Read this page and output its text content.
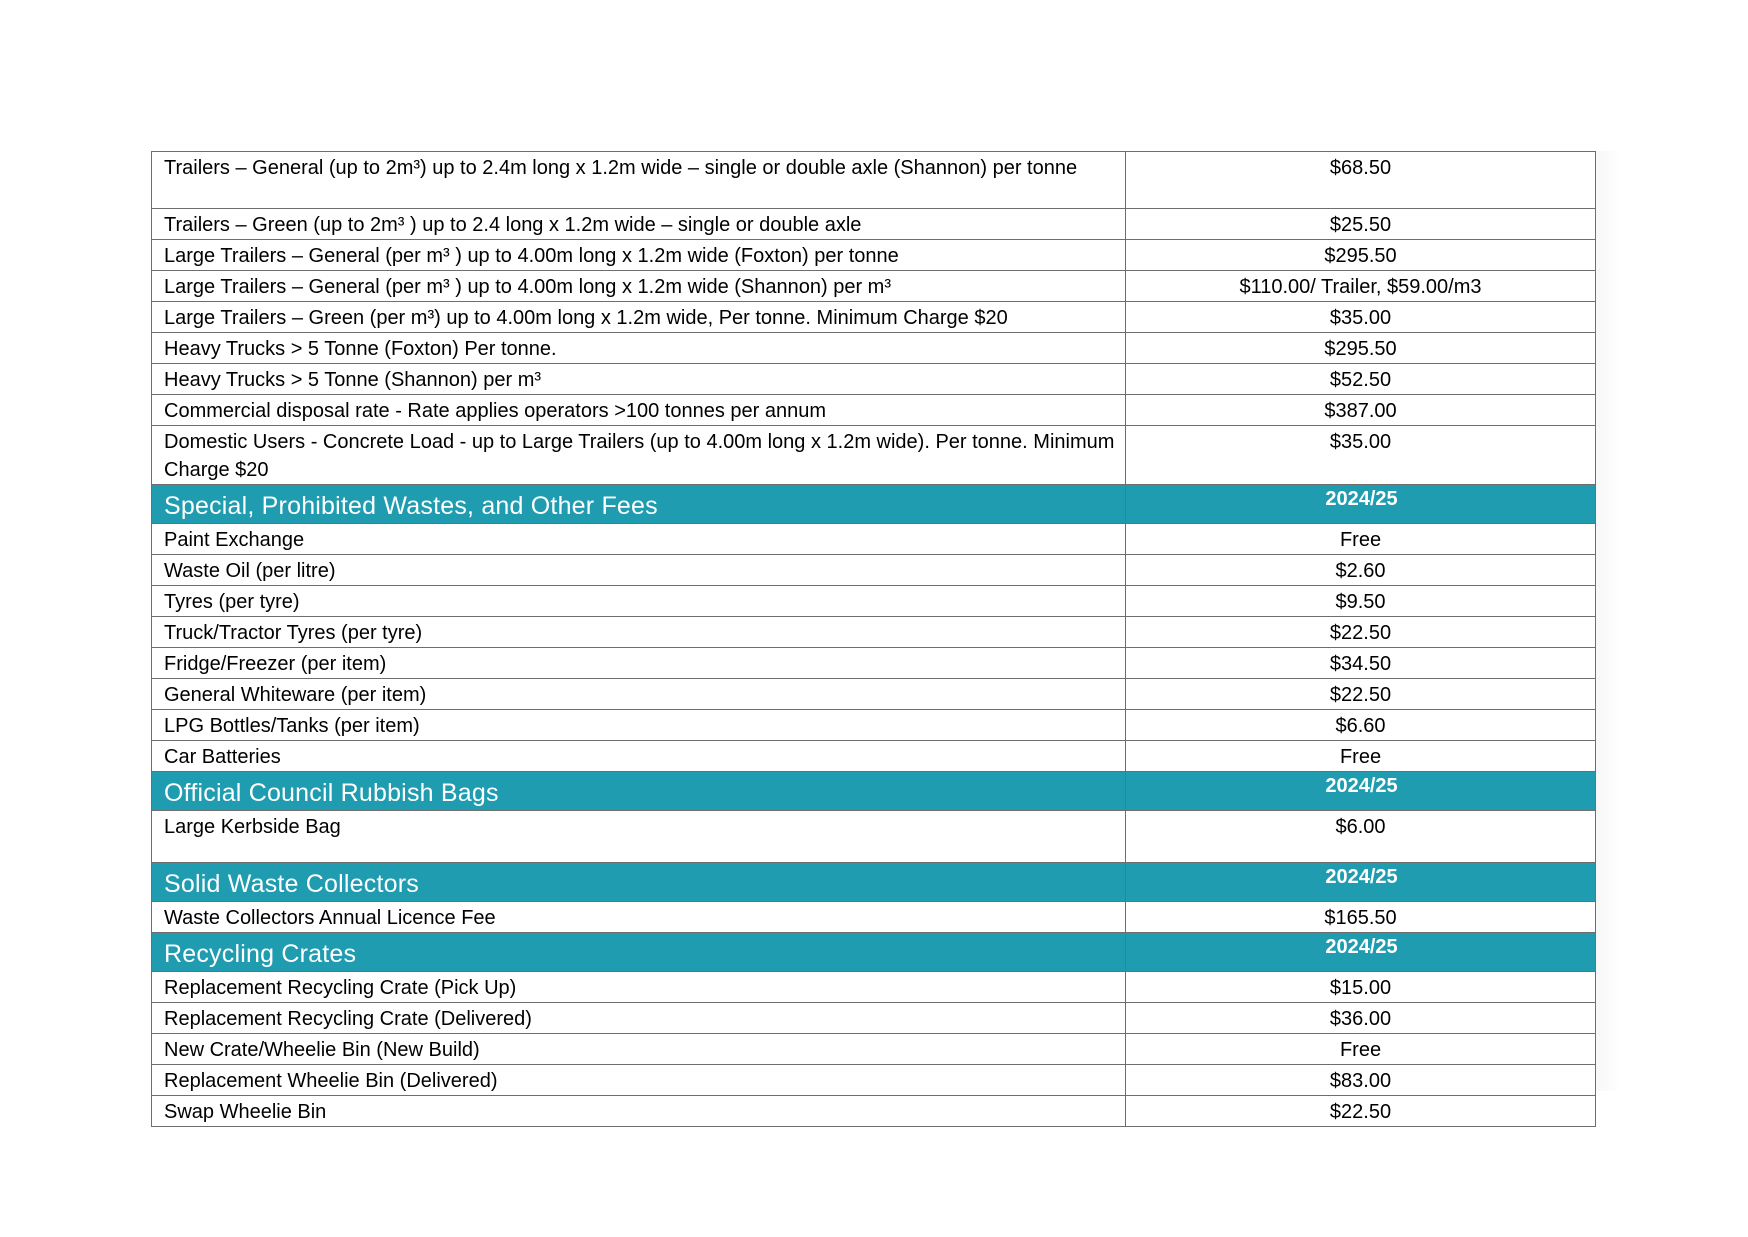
Trailers – General (up to 2m³) up to 2.4m long x 1.2m wide – single or double axle (Shannon) per tonne	$68.50
Trailers – Green (up to 2m³ ) up to 2.4 long x 1.2m wide – single or double axle	$25.50
Large Trailers – General (per m³ ) up to 4.00m long x 1.2m wide (Foxton) per tonne	$295.50
Large Trailers – General (per m³ ) up to 4.00m long x 1.2m wide (Shannon) per m³	$110.00/ Trailer, $59.00/m3
Large Trailers – Green (per m³) up to 4.00m long x 1.2m wide, Per tonne. Minimum Charge $20	$35.00
Heavy Trucks > 5 Tonne (Foxton) Per tonne.	$295.50
Heavy Trucks > 5 Tonne (Shannon) per m³	$52.50
Commercial disposal rate - Rate applies operators >100 tonnes per annum	$387.00
Domestic Users - Concrete Load - up to Large Trailers (up to 4.00m long x 1.2m wide). Per tonne. Minimum Charge $20	$35.00
Special, Prohibited Wastes, and Other Fees	2024/25
Paint Exchange	Free
Waste Oil (per litre)	$2.60
Tyres (per tyre)	$9.50
Truck/Tractor Tyres (per tyre)	$22.50
Fridge/Freezer (per item)	$34.50
General Whiteware (per item)	$22.50
LPG Bottles/Tanks (per item)	$6.60
Car Batteries	Free
Official Council Rubbish Bags	2024/25
Large Kerbside Bag	$6.00
Solid Waste Collectors	2024/25
Waste Collectors Annual Licence Fee	$165.50
Recycling Crates	2024/25
Replacement Recycling Crate (Pick Up)	$15.00
Replacement Recycling Crate (Delivered)	$36.00
New Crate/Wheelie Bin (New Build)	Free
Replacement Wheelie Bin (Delivered)	$83.00
Swap Wheelie Bin	$22.50
